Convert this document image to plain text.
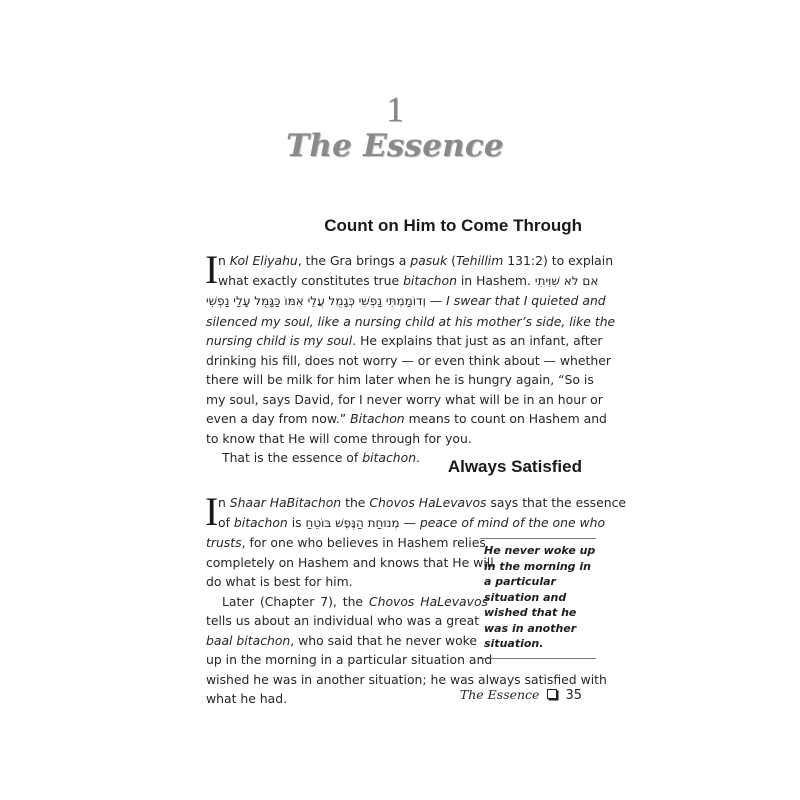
1
The Essence
Count on Him to Come Through
I n Kol Eliyahu, the Gra brings a pasuk (Tehillim 131:2) to explain
what exactly constitutes true bitachon in Hashem. אם לא שִׁוִּיתִי
וְדוֹמַמְתִּי נַפְשִׁי כְּגָמֻל עֲלֵי אִמּוֹ כַּגָּמֻל עָלַי נַפְשִׁי — I swear that I quieted and
silenced my soul, like a nursing child at his mother’s side, like the
nursing child is my soul. He explains that just as an infant, after
drinking his fill, does not worry — or even think about — whether
there will be milk for him later when he is hungry again, “So is
my soul, says David, for I never worry what will be in an hour or
even a day from now.” Bitachon means to count on Hashem and
to know that He will come through for you.
That is the essence of bitachon.	Always Satisfied
I n Shaar HaBitachon the Chovos HaLevavos says that the essence
of bitachon is מְנוּחַת הַנֶּפֶשׁ בּוֹטֵחַ — peace of mind of the one who
trusts, for one who believes in Hashem relies
completely on Hashem and knows that He will
do what is best for him.
Later (Chapter 7), the Chovos HaLevavos
tells us about an individual who was a great
baal bitachon, who said that he never woke
up in the morning in a particular situation and
wished he was in another situation; he was always satisfied with
what he had.
He never woke up in the morning in a particular situation and wished that he was in another situation.
The Essence 35
